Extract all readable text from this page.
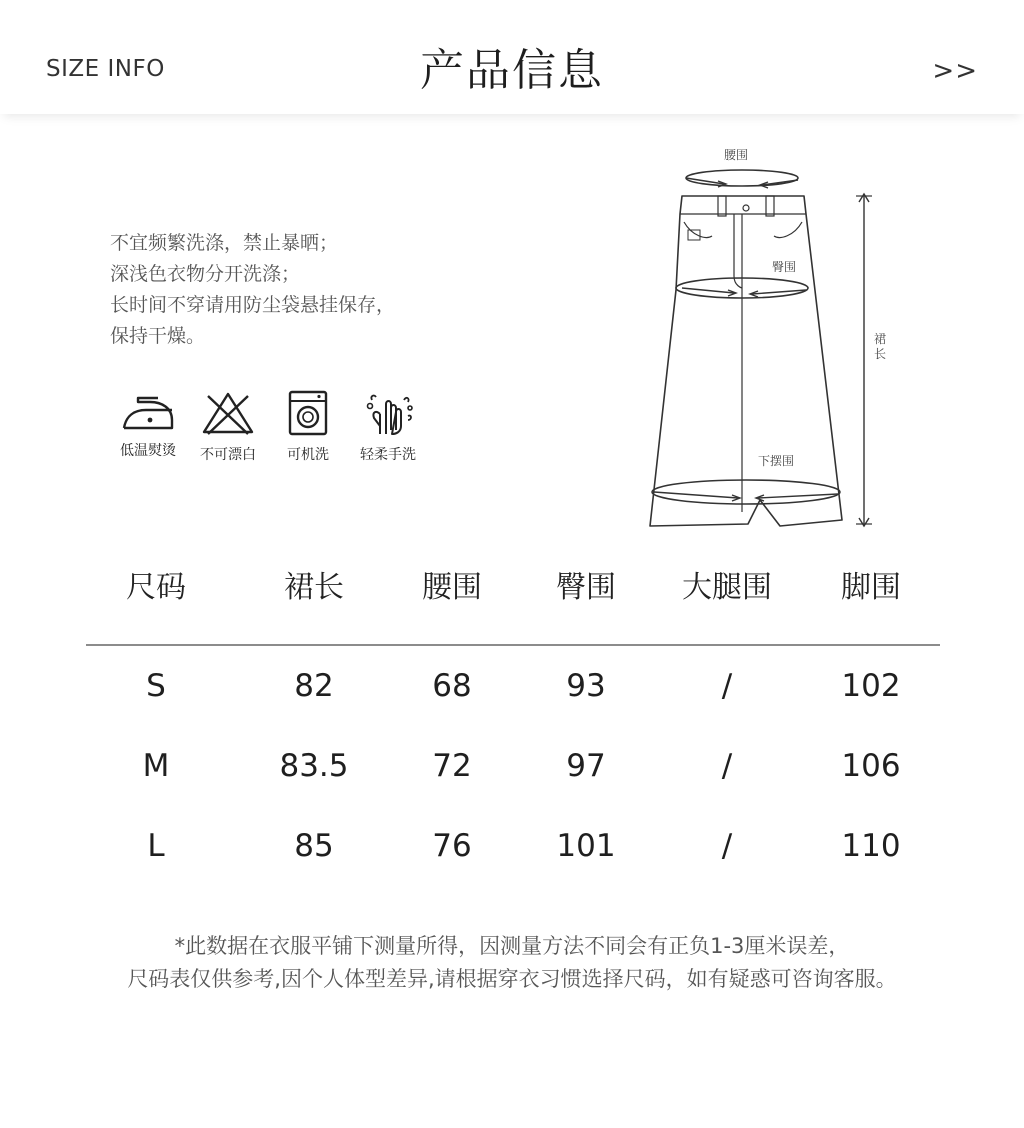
SIZE INFO	产品信息	>>
不宜频繁洗涤，禁止暴晒；
深浅色衣物分开洗涤；
长时间不穿请用防尘袋悬挂保存，
保持干燥。
低温熨烫	不可漂白	可机洗	轻柔手洗
腰围
臀围
下摆围
裙长
尺码	裙长	腰围	臀围	大腿围	脚围
S	82	68	93	/	102
M	83.5	72	97	/	106
L	85	76	101	/	110
*此数据在衣服平铺下测量所得，因测量方法不同会有正负1-3厘米误差，
尺码表仅供参考,因个人体型差异,请根据穿衣习惯选择尺码，如有疑惑可咨询客服。
